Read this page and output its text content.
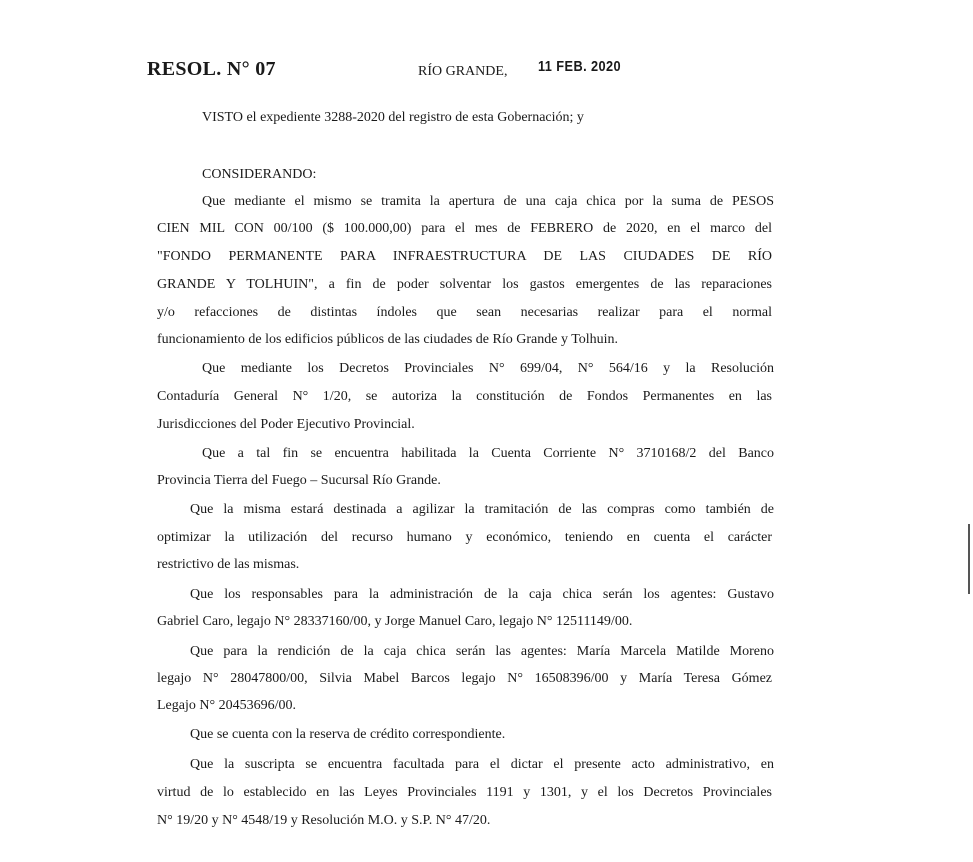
RESOL. N° 07	RÍO GRANDE, 11 FEB. 2020
VISTO el expediente 3288-2020 del registro de esta Gobernación; y
CONSIDERANDO:
Que mediante el mismo se tramita la apertura de una caja chica por la suma de PESOS
CIEN MIL CON 00/100 ($ 100.000,00) para el mes de FEBRERO de 2020, en el marco del
"FONDO PERMANENTE PARA INFRAESTRUCTURA DE LAS CIUDADES DE RÍO
GRANDE Y TOLHUIN", a fin de poder solventar los gastos emergentes de las reparaciones
y/o refacciones de distintas índoles que sean necesarias realizar para el normal
funcionamiento de los edificios públicos de las ciudades de Río Grande y Tolhuin.
Que mediante los Decretos Provinciales N° 699/04, N° 564/16 y la Resolución
Contaduría General N° 1/20, se autoriza la constitución de Fondos Permanentes en las
Jurisdicciones del Poder Ejecutivo Provincial.
Que a tal fin se encuentra habilitada la Cuenta Corriente N° 3710168/2 del Banco
Provincia Tierra del Fuego – Sucursal Río Grande.
Que la misma estará destinada a agilizar la tramitación de las compras como también de
optimizar la utilización del recurso humano y económico, teniendo en cuenta el carácter
restrictivo de las mismas.
Que los responsables para la administración de la caja chica serán los agentes: Gustavo
Gabriel Caro, legajo N° 28337160/00, y Jorge Manuel Caro, legajo N° 12511149/00.
Que para la rendición de la caja chica serán las agentes: María Marcela Matilde Moreno
legajo N° 28047800/00, Silvia Mabel Barcos legajo N° 16508396/00 y María Teresa Gómez
Legajo N° 20453696/00.
Que se cuenta con la reserva de crédito correspondiente.
Que la suscripta se encuentra facultada para el dictar el presente acto administrativo, en
virtud de lo establecido en las Leyes Provinciales 1191 y 1301, y el los Decretos Provinciales
N° 19/20 y N° 4548/19 y Resolución M.O. y S.P. N° 47/20.
